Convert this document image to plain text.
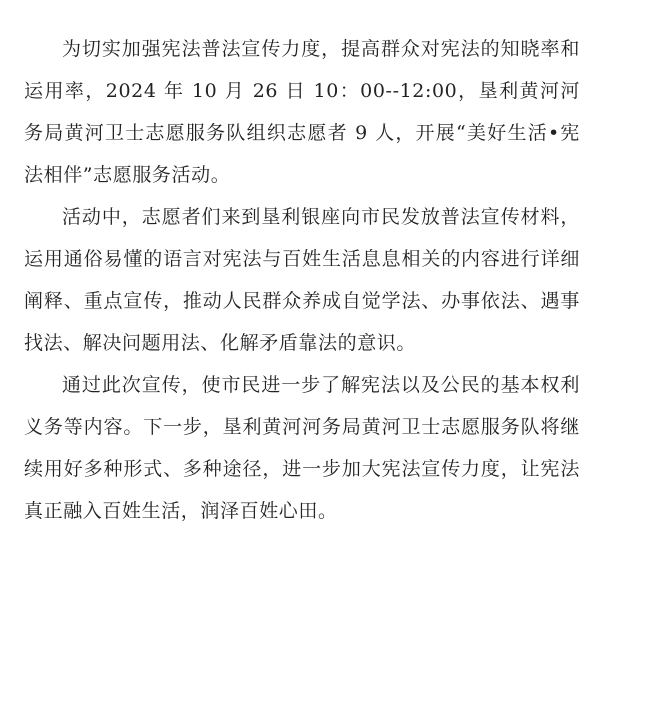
为切实加强宪法普法宣传力度，提高群众对宪法的知晓率和运用率，2024 年 10 月 26 日 10：00--12:00，垦利黄河河务局黄河卫士志愿服务队组织志愿者 9 人，开展“美好生活•宪法相伴”志愿服务活动。

活动中，志愿者们来到垦利银座向市民发放普法宣传材料，运用通俗易懂的语言对宪法与百姓生活息息相关的内容进行详细阐释、重点宣传，推动人民群众养成自觉学法、办事依法、遇事找法、解决问题用法、化解矛盾靠法的意识。

通过此次宣传，使市民进一步了解宪法以及公民的基本权利义务等内容。下一步，垦利黄河河务局黄河卫士志愿服务队将继续用好多种形式、多种途径，进一步加大宪法宣传力度，让宪法真正融入百姓生活，润泽百姓心田。
